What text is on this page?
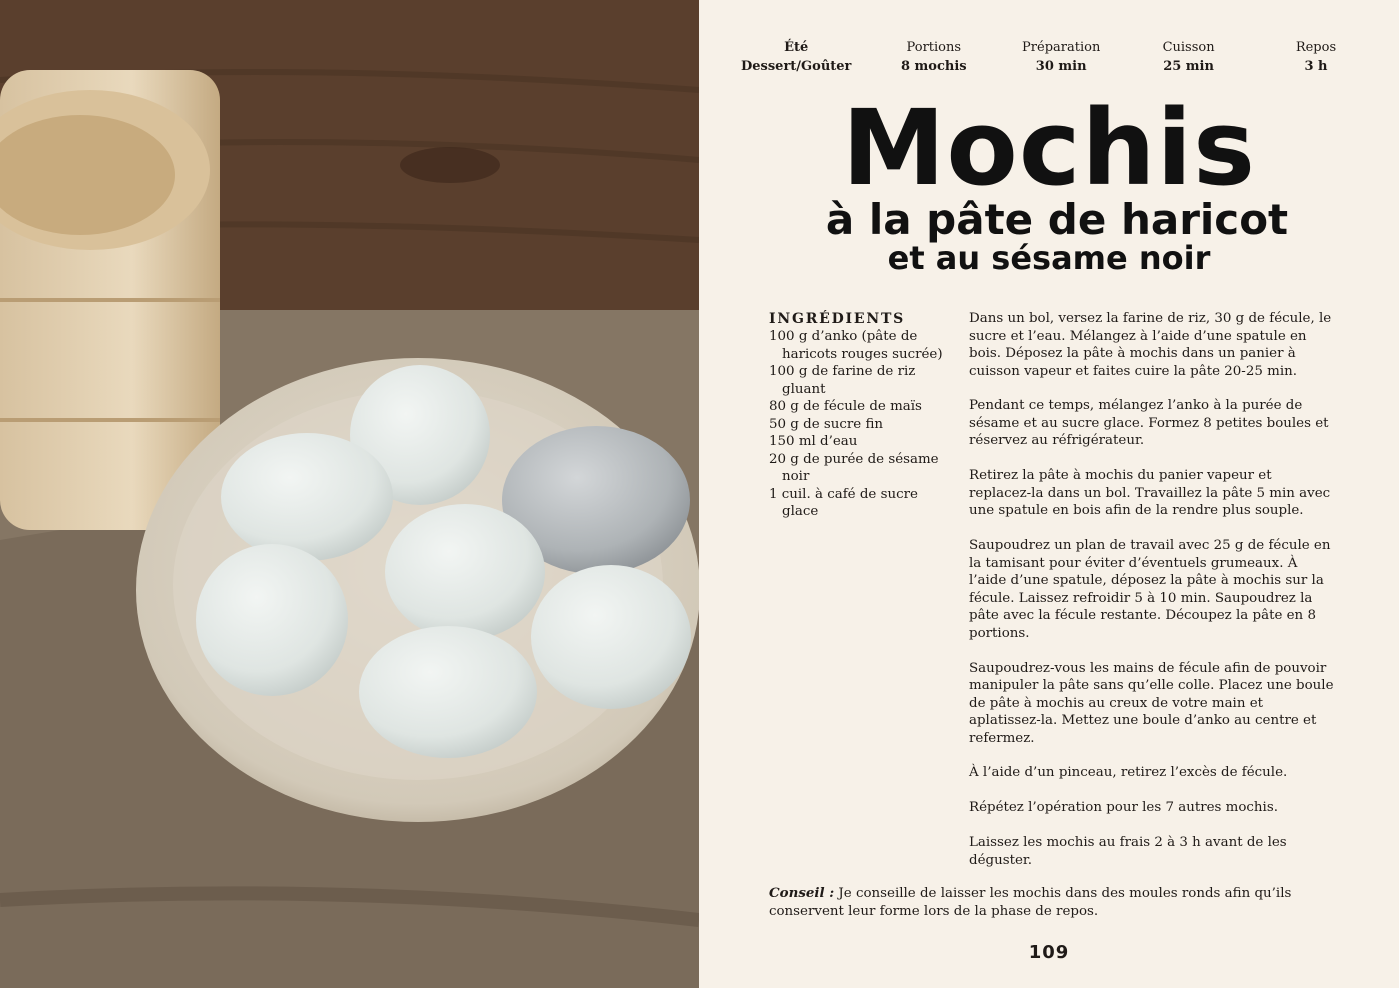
Été
Dessert/Goûter
Portions
8 mochis
Préparation
30 min
Cuisson
25 min
Repos
3 h
Mochis
à la pâte de haricot
et au sésame noir
INGRÉDIENTS
100 g d’anko (pâte de haricots rouges sucrée)
100 g de farine de riz gluant
80 g de fécule de maïs
50 g de sucre fin
150 ml d’eau
20 g de purée de sésame noir
1 cuil. à café de sucre glace

Dans un bol, versez la farine de riz, 30 g de fécule, le sucre et l’eau. Mélangez à l’aide d’une spatule en bois. Déposez la pâte à mochis dans un panier à cuisson vapeur et faites cuire la pâte 20-25 min.

Pendant ce temps, mélangez l’anko à la purée de sésame et au sucre glace. Formez 8 petites boules et réservez au réfrigérateur.

Retirez la pâte à mochis du panier vapeur et replacez-la dans un bol. Travaillez la pâte 5 min avec une spatule en bois afin de la rendre plus souple.

Saupoudrez un plan de travail avec 25 g de fécule en la tamisant pour éviter d’éventuels grumeaux. À l’aide d’une spatule, déposez la pâte à mochis sur la fécule. Laissez refroidir 5 à 10 min. Saupoudrez la pâte avec la fécule restante. Découpez la pâte en 8 portions.

Saupoudrez-vous les mains de fécule afin de pouvoir manipuler la pâte sans qu’elle colle. Placez une boule de pâte à mochis au creux de votre main et aplatissez-la. Mettez une boule d’anko au centre et refermez.

À l’aide d’un pinceau, retirez l’excès de fécule.

Répétez l’opération pour les 7 autres mochis.

Laissez les mochis au frais 2 à 3 h avant de les déguster.

Conseil : Je conseille de laisser les mochis dans des moules ronds afin qu’ils conservent leur forme lors de la phase de repos.
109
